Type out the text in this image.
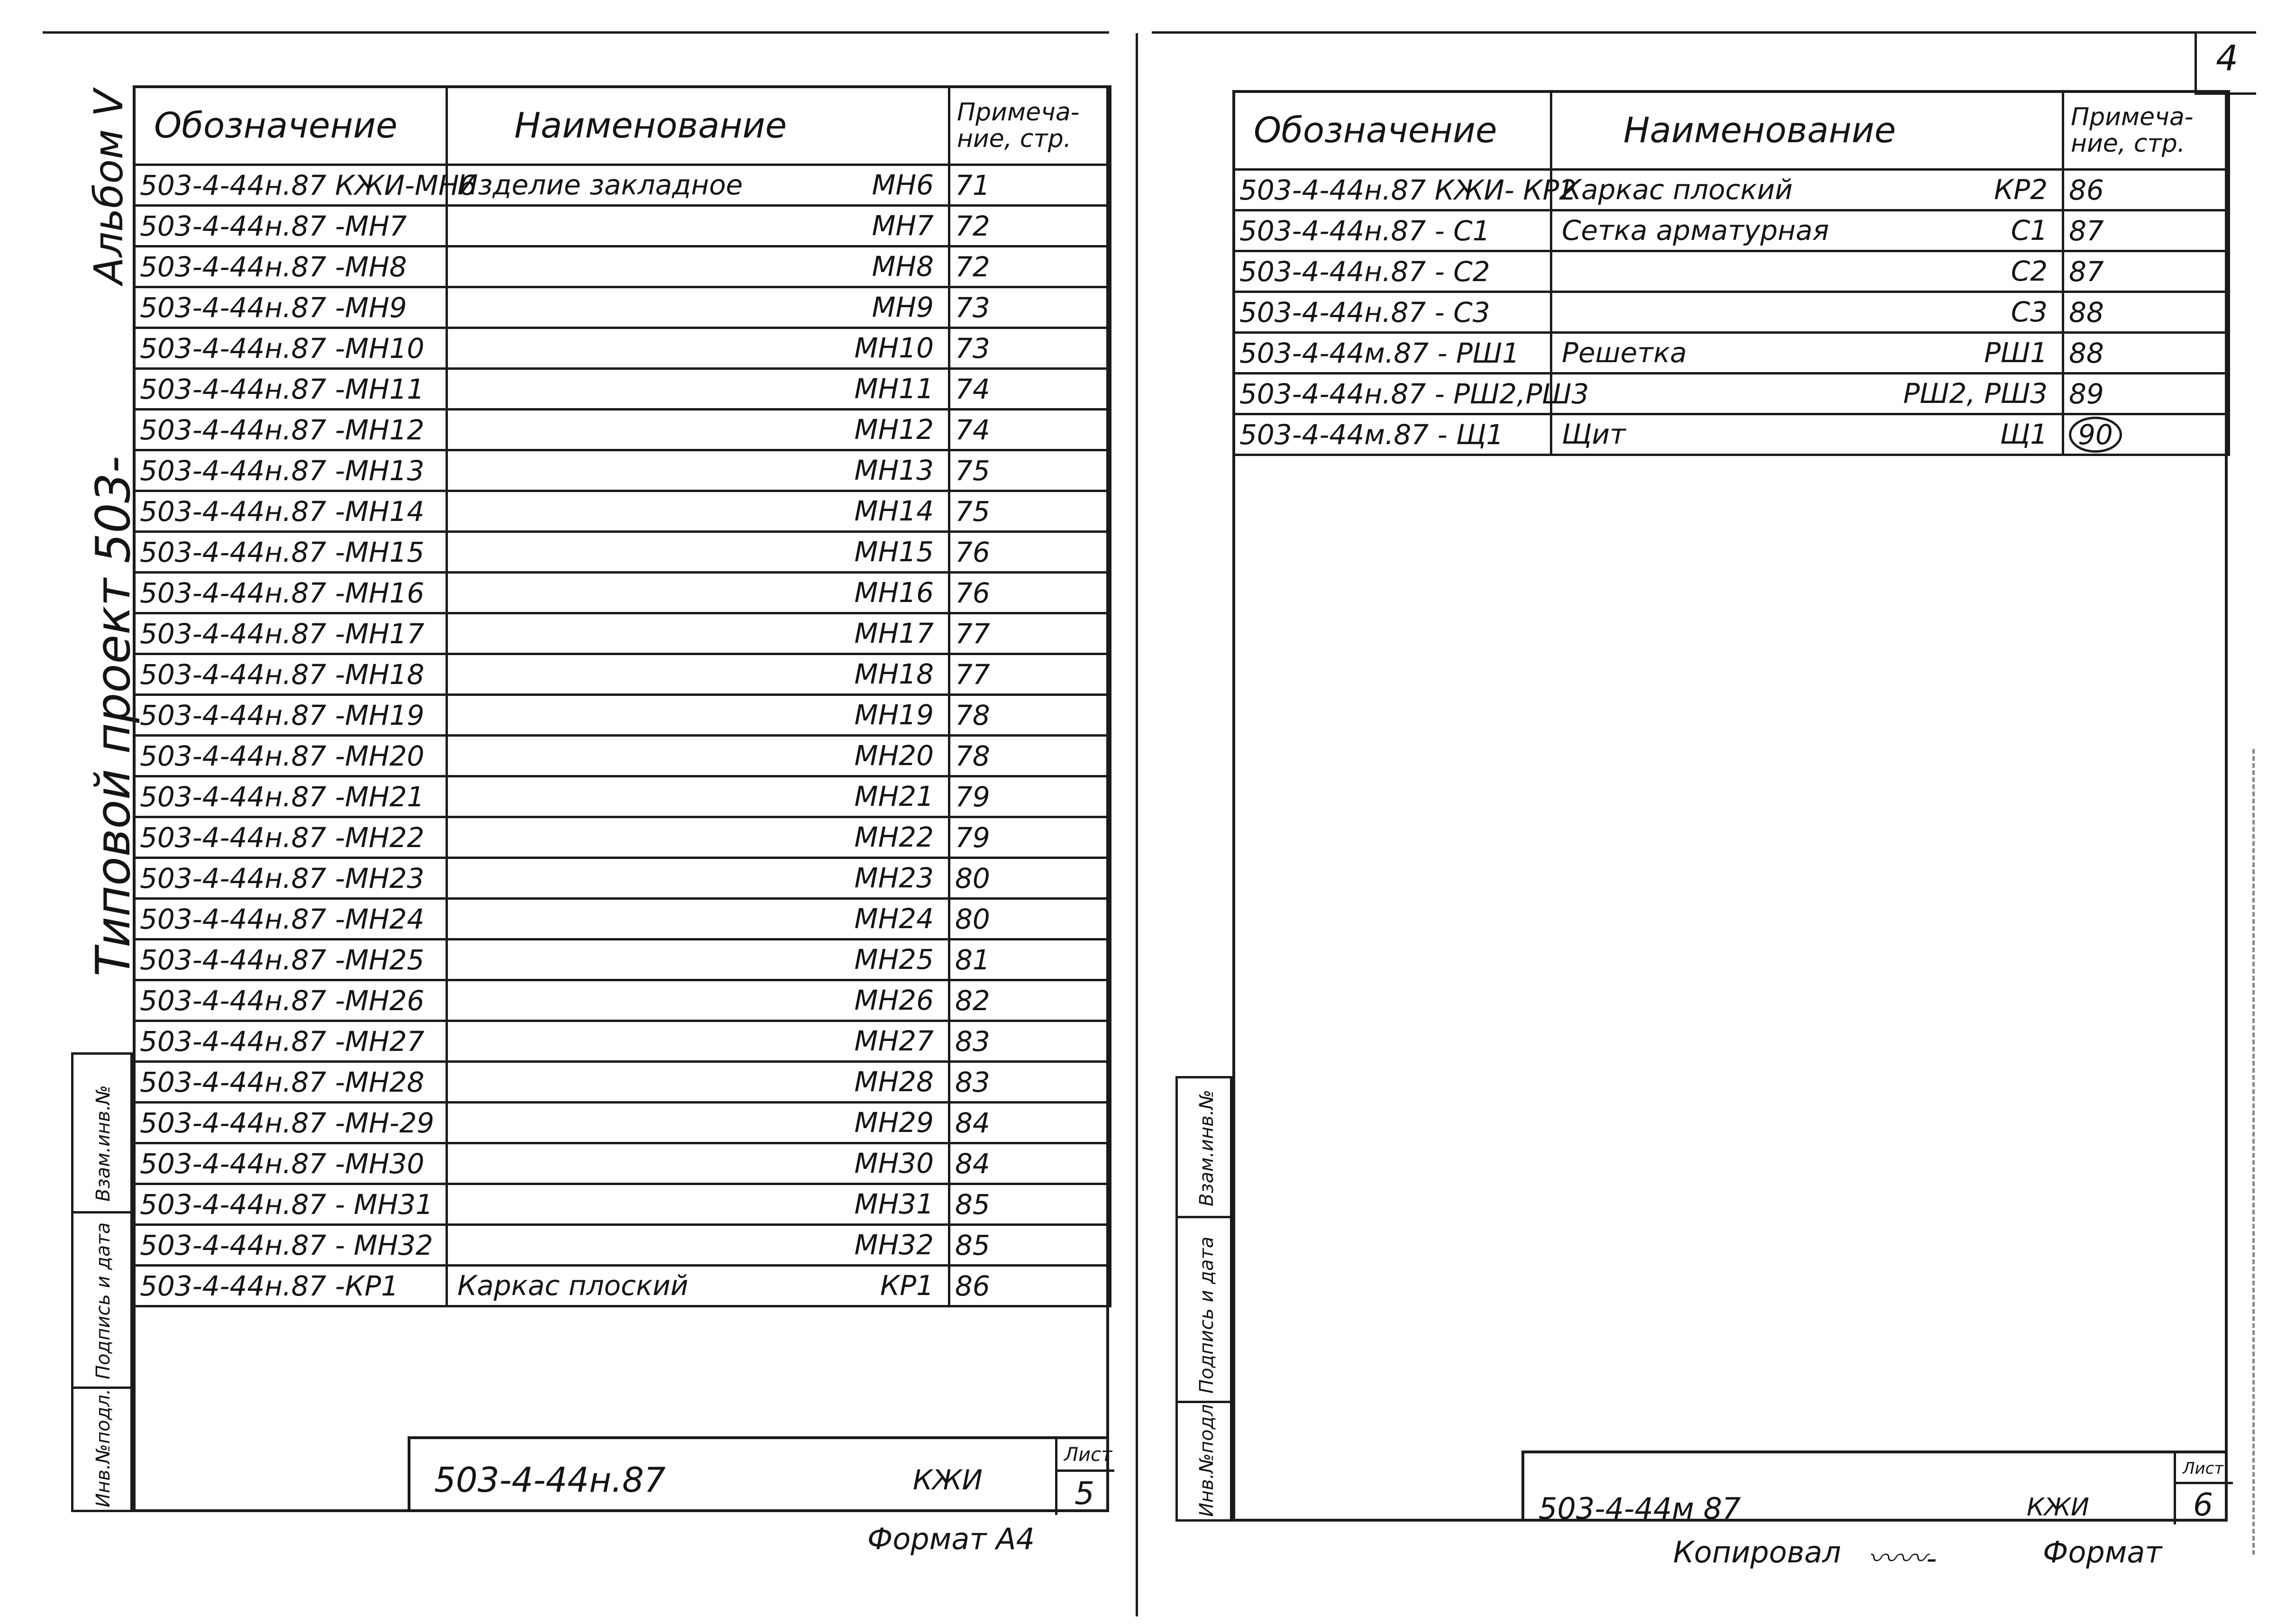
4
Типовой проект 503-
Альбом V Обозначение	Наименование	Примеча-ние, стр.
503-4-44н.87 КЖИ-МН6	Изделие закладное МН6	71
503-4-44н.87 -МН7	МН7	72
503-4-44н.87 -МН8	МН8	72
503-4-44н.87 -МН9	МН9	73
503-4-44н.87 -МН10	МН10	73
503-4-44н.87 -МН11	МН11	74
503-4-44н.87 -МН12	МН12	74
503-4-44н.87 -МН13	МН13	75
503-4-44н.87 -МН14	МН14	75
503-4-44н.87 -МН15	МН15	76
503-4-44н.87 -МН16	МН16	76
503-4-44н.87 -МН17	МН17	77
503-4-44н.87 -МН18	МН18	77
503-4-44н.87 -МН19	МН19	78
503-4-44н.87 -МН20	МН20	78
503-4-44н.87 -МН21	МН21	79
503-4-44н.87 -МН22	МН22	79
503-4-44н.87 -МН23	МН23	80
503-4-44н.87 -МН24	МН24	80
503-4-44н.87 -МН25	МН25	81
503-4-44н.87 -МН26	МН26	82
503-4-44н.87 -МН27	МН27	83
503-4-44н.87 -МН28	МН28	83
503-4-44н.87 -МН-29	МН29	84
503-4-44н.87 -МН30	МН30	84
503-4-44н.87 - МН31	МН31	85
503-4-44н.87 - МН32	МН32	85
503-4-44н.87 -КР1	Каркас плоский КР1	86
503-4-44н.87	КЖИ
Лист
5
Взам.инв.№
Подпись и дата
Инв.№подл.
Формат А4
Обозначение	Наименование	Примеча-ние, стр.
503-4-44н.87 КЖИ- КР2	Каркас плоский КР2	86
503-4-44н.87 - С1	Сетка арматурная С1	87
503-4-44н.87 - С2	С2	87
503-4-44н.87 - С3	С3	88
503-4-44м.87 - РШ1	Решетка РШ1	88
503-4-44н.87 - РШ2,РШ3	РШ2, РШ3	89
503-4-44м.87 - Щ1	Щит Щ1	90
503-4-44м 87	КЖИ
Лист
6
Взам.инв.№
Подпись и дата
Инв.№подл.
Копировал 〰〰-	Формат
